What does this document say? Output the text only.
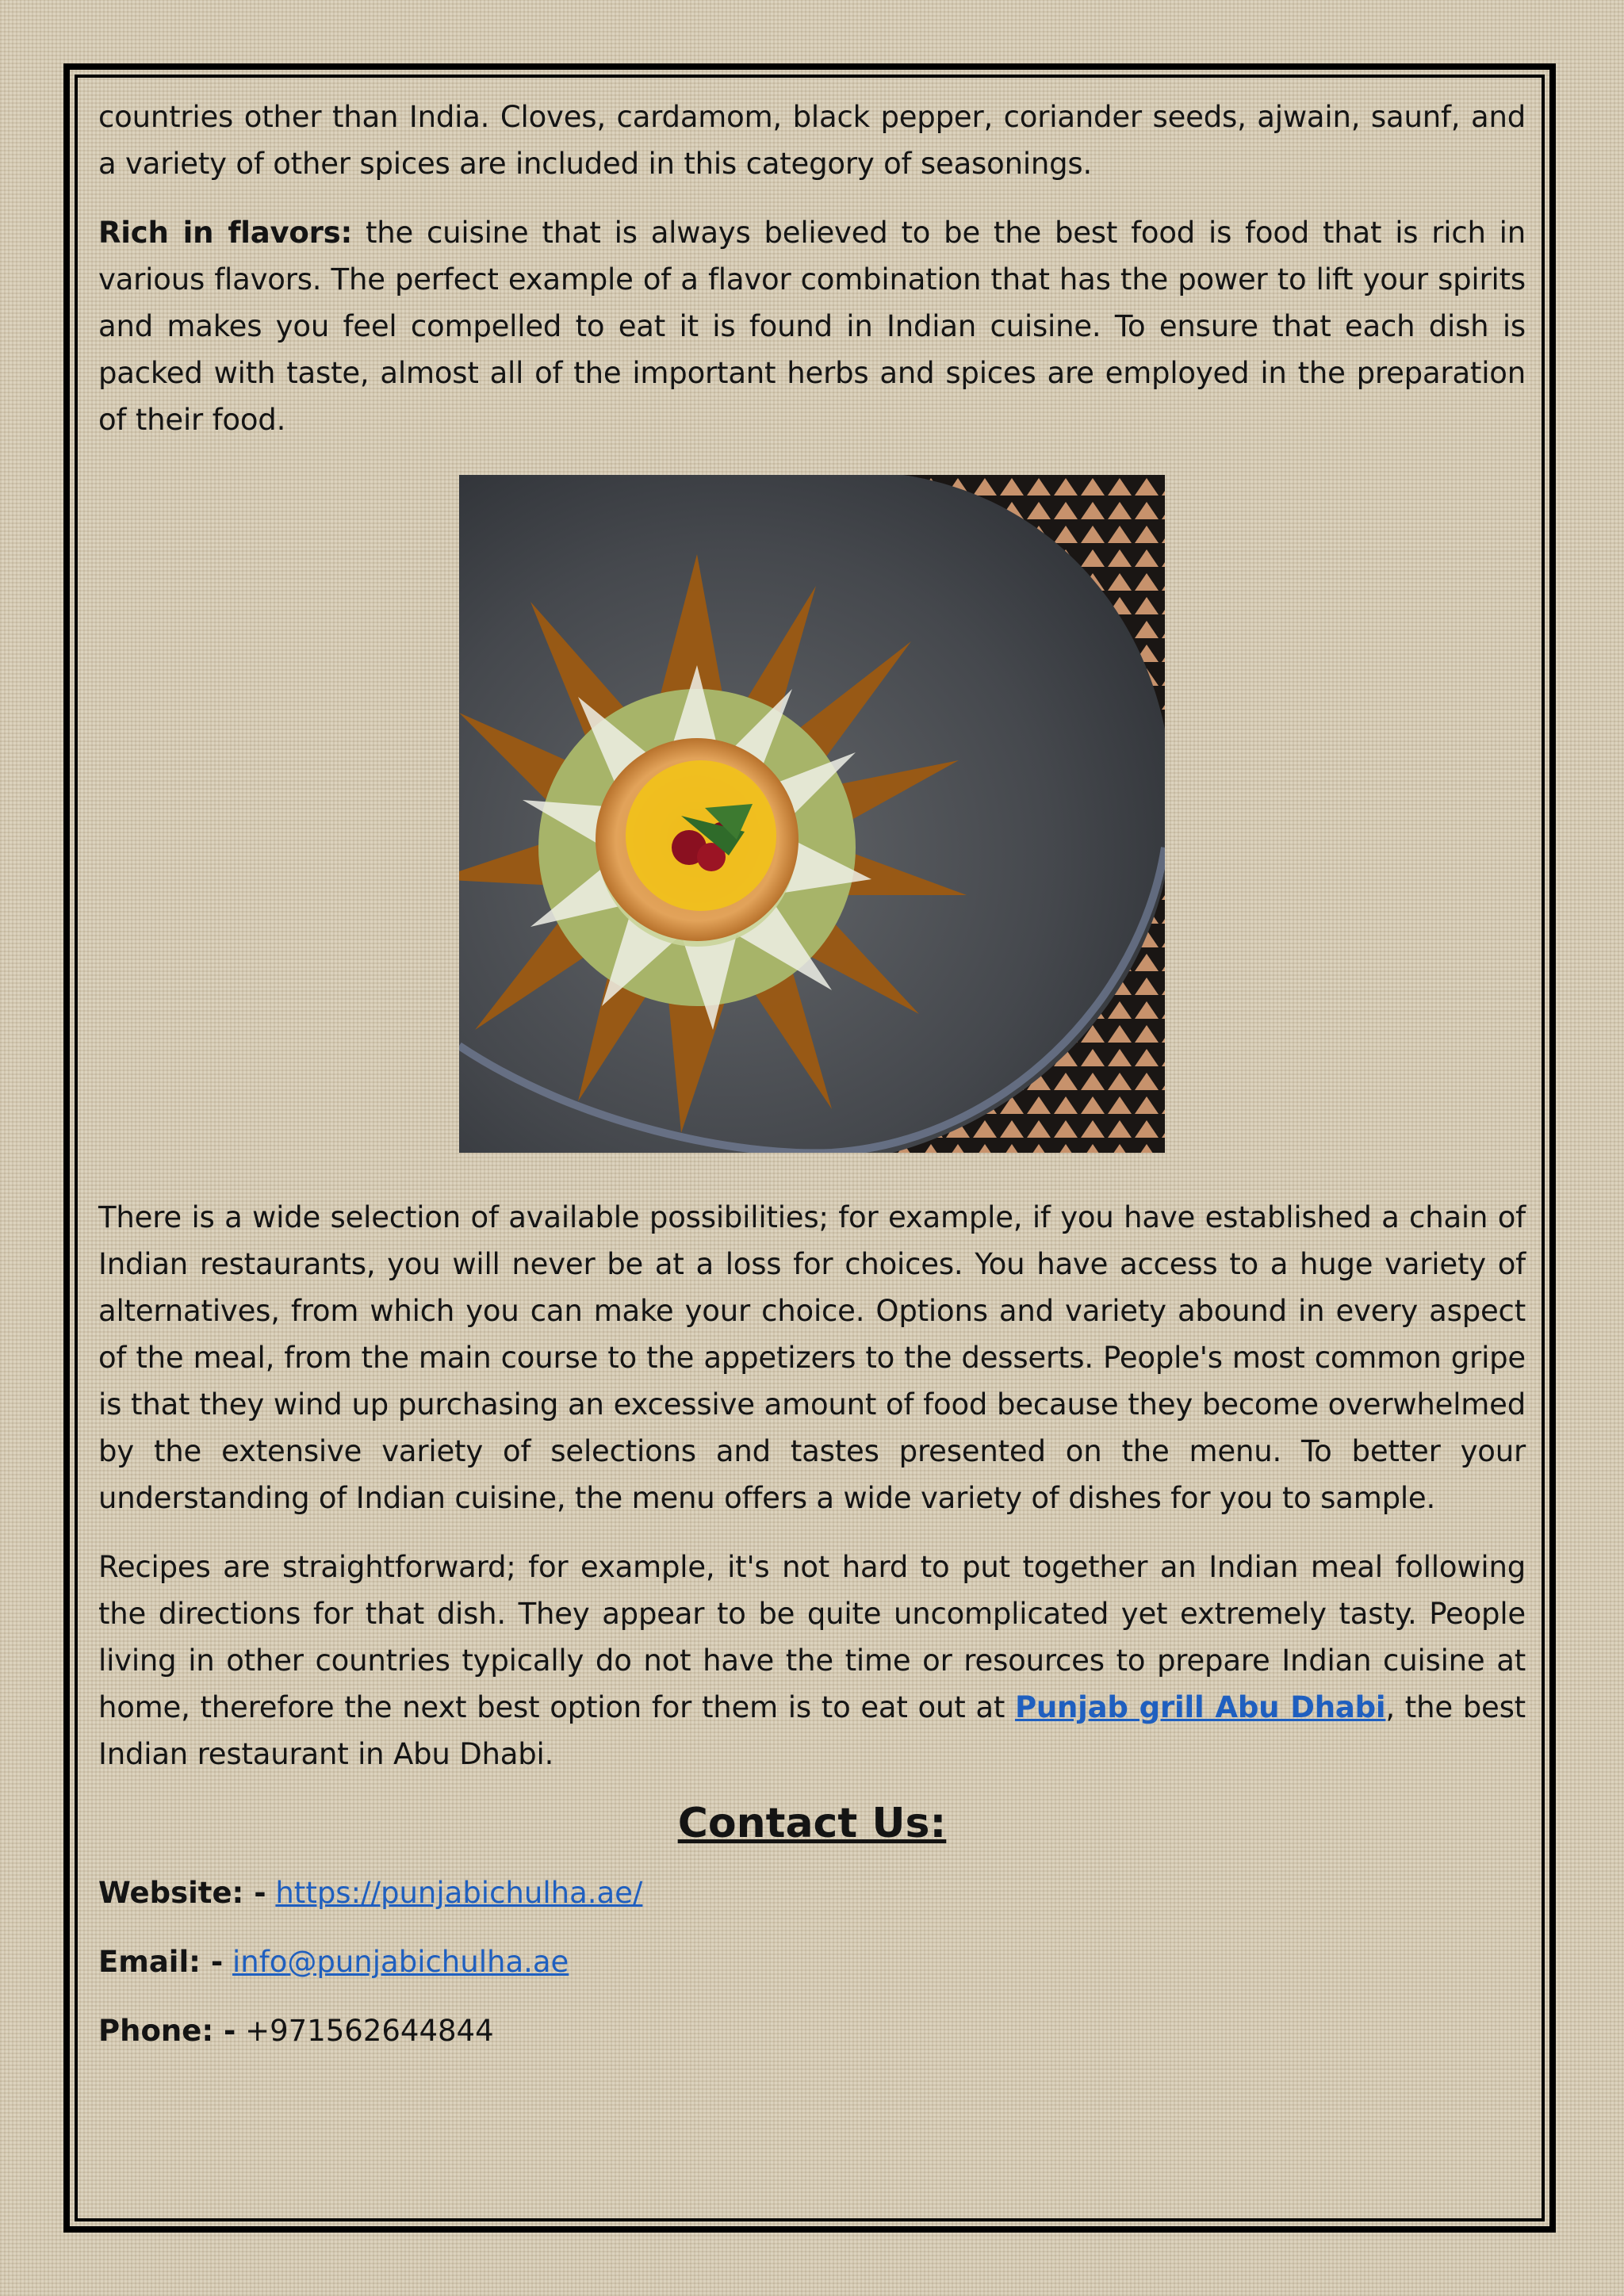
countries other than India. Cloves, cardamom, black pepper, coriander seeds, ajwain, saunf, and a variety of other spices are included in this category of seasonings.

Rich in flavors: the cuisine that is always believed to be the best food is food that is rich in various flavors. The perfect example of a flavor combination that has the power to lift your spirits and makes you feel compelled to eat it is found in Indian cuisine. To ensure that each dish is packed with taste, almost all of the important herbs and spices are employed in the preparation of their food.

There is a wide selection of available possibilities; for example, if you have established a chain of Indian restaurants, you will never be at a loss for choices. You have access to a huge variety of alternatives, from which you can make your choice. Options and variety abound in every aspect of the meal, from the main course to the appetizers to the desserts. People's most common gripe is that they wind up purchasing an excessive amount of food because they become overwhelmed by the extensive variety of selections and tastes presented on the menu. To better your understanding of Indian cuisine, the menu offers a wide variety of dishes for you to sample.

Recipes are straightforward; for example, it's not hard to put together an Indian meal following the directions for that dish. They appear to be quite uncomplicated yet extremely tasty. People living in other countries typically do not have the time or resources to prepare Indian cuisine at home, therefore the next best option for them is to eat out at Punjab grill Abu Dhabi, the best Indian restaurant in Abu Dhabi.

Contact Us:
Website: - https://punjabichulha.ae/
Email: - info@punjabichulha.ae
Phone: - +971562644844
